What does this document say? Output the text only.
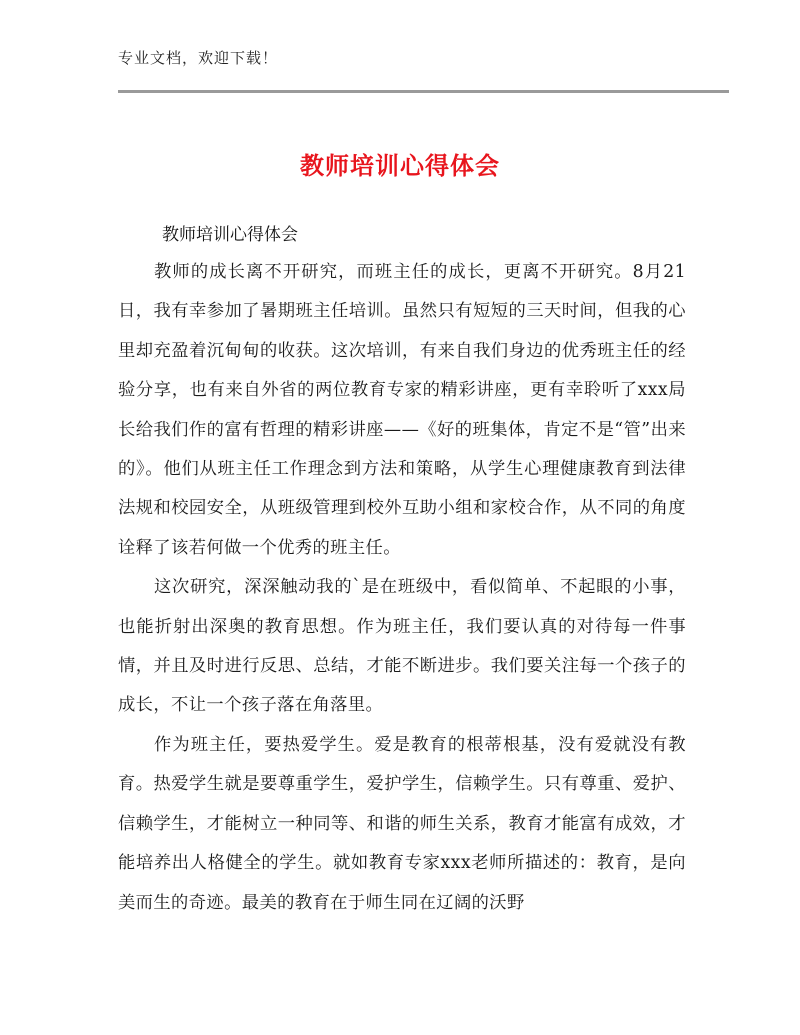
专业文档，欢迎下载！
教师培训心得体会
教师培训心得体会

教师的成长离不开研究，而班主任的成长，更离不开研究。8月21日，我有幸参加了暑期班主任培训。虽然只有短短的三天时间，但我的心里却充盈着沉甸甸的收获。这次培训，有来自我们身边的优秀班主任的经验分享，也有来自外省的两位教育专家的精彩讲座，更有幸聆听了xxx局长给我们作的富有哲理的精彩讲座——《好的班集体，肯定不是“管”出来的》。他们从班主任工作理念到方法和策略，从学生心理健康教育到法律法规和校园安全，从班级管理到校外互助小组和家校合作，从不同的角度诠释了该若何做一个优秀的班主任。

这次研究，深深触动我的`是在班级中，看似简单、不起眼的小事，也能折射出深奥的教育思想。作为班主任，我们要认真的对待每一件事情，并且及时进行反思、总结，才能不断进步。我们要关注每一个孩子的成长，不让一个孩子落在角落里。

作为班主任，要热爱学生。爱是教育的根蒂根基，没有爱就没有教育。热爱学生就是要尊重学生，爱护学生，信赖学生。只有尊重、爱护、信赖学生，才能树立一种同等、和谐的师生关系，教育才能富有成效，才能培养出人格健全的学生。就如教育专家xxx老师所描述的：教育，是向美而生的奇迹。最美的教育在于师生同在辽阔的沃野
